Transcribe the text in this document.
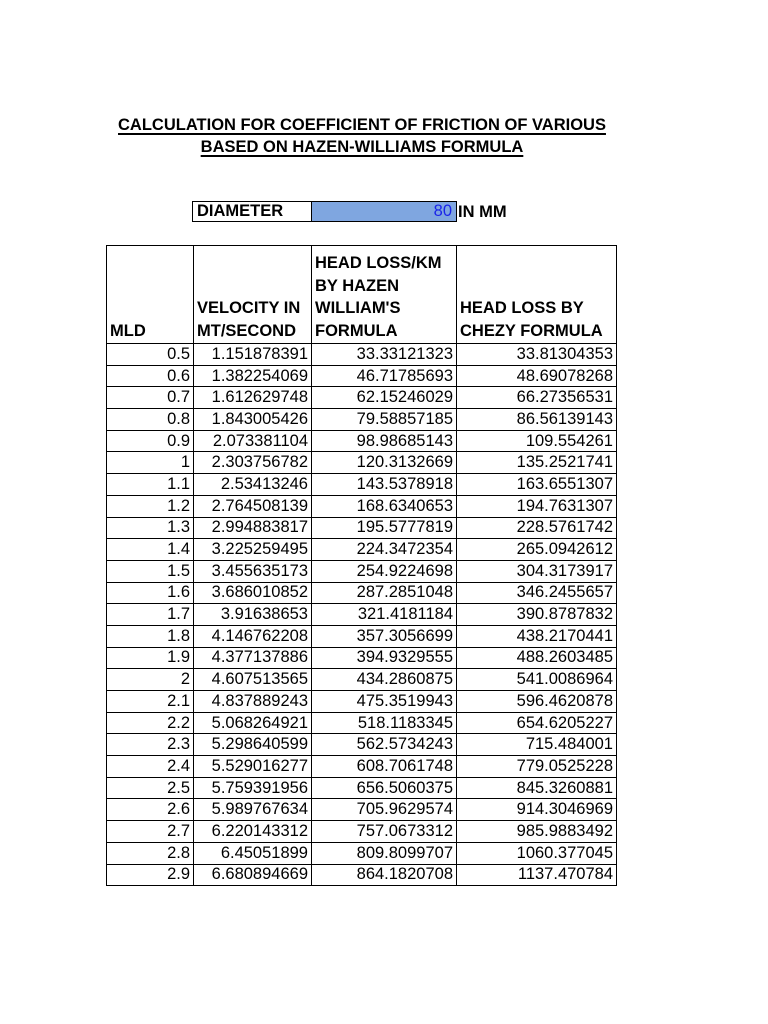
CALCULATION FOR COEFFICIENT OF FRICTION OF VARIOUS
BASED ON HAZEN-WILLIAMS FORMULA
DIAMETER	80 IN MM
MLD	VELOCITY IN MT/SECOND	HEAD LOSS/KM BY HAZEN WILLIAM'S FORMULA	HEAD LOSS BY CHEZY FORMULA
0.5	1.151878391	33.33121323	33.81304353
0.6	1.382254069	46.71785693	48.69078268
0.7	1.612629748	62.15246029	66.27356531
0.8	1.843005426	79.58857185	86.56139143
0.9	2.073381104	98.98685143	109.554261
1	2.303756782	120.3132669	135.2521741
1.1	2.53413246	143.5378918	163.6551307
1.2	2.764508139	168.6340653	194.7631307
1.3	2.994883817	195.5777819	228.5761742
1.4	3.225259495	224.3472354	265.0942612
1.5	3.455635173	254.9224698	304.3173917
1.6	3.686010852	287.2851048	346.2455657
1.7	3.91638653	321.4181184	390.8787832
1.8	4.146762208	357.3056699	438.2170441
1.9	4.377137886	394.9329555	488.2603485
2	4.607513565	434.2860875	541.0086964
2.1	4.837889243	475.3519943	596.4620878
2.2	5.068264921	518.1183345	654.6205227
2.3	5.298640599	562.5734243	715.484001
2.4	5.529016277	608.7061748	779.0525228
2.5	5.759391956	656.5060375	845.3260881
2.6	5.989767634	705.9629574	914.3046969
2.7	6.220143312	757.0673312	985.9883492
2.8	6.45051899	809.8099707	1060.377045
2.9	6.680894669	864.1820708	1137.470784
